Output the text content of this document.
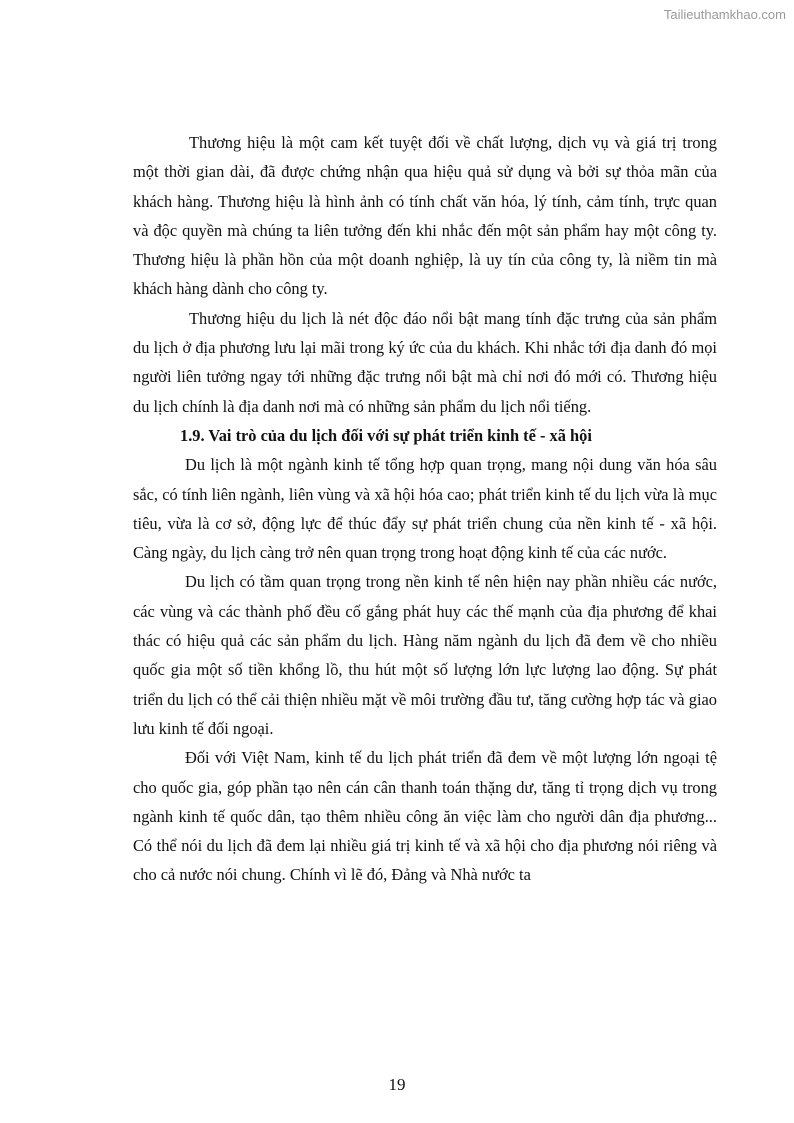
Tailieuthamkhao.com

Thương hiệu là một cam kết tuyệt đối về chất lượng, dịch vụ và giá trị trong một thời gian dài, đã được chứng nhận qua hiệu quả sử dụng và bởi sự thỏa mãn của khách hàng. Thương hiệu là hình ảnh có tính chất văn hóa, lý tính, cảm tính, trực quan và độc quyền mà chúng ta liên tưởng đến khi nhắc đến một sản phẩm hay một công ty. Thương hiệu là phần hồn của một doanh nghiệp, là uy tín của công ty, là niềm tin mà khách hàng dành cho công ty.

Thương hiệu du lịch là nét độc đáo nổi bật mang tính đặc trưng của sản phẩm du lịch ở địa phương lưu lại mãi trong ký ức của du khách. Khi nhắc tới địa danh đó mọi người liên tưởng ngay tới những đặc trưng nổi bật mà chỉ nơi đó mới có. Thương hiệu du lịch chính là địa danh nơi mà có những sản phẩm du lịch nổi tiếng.

1.9. Vai trò của du lịch đối với sự phát triển kinh tế - xã hội

Du lịch là một ngành kinh tế tổng hợp quan trọng, mang nội dung văn hóa sâu sắc, có tính liên ngành, liên vùng và xã hội hóa cao; phát triển kinh tế du lịch vừa là mục tiêu, vừa là cơ sở, động lực để thúc đẩy sự phát triển chung của nền kinh tế - xã hội. Càng ngày, du lịch càng trở nên quan trọng trong hoạt động kinh tế của các nước.

Du lịch có tầm quan trọng trong nền kinh tế nên hiện nay phần nhiều các nước, các vùng và các thành phố đều cố gắng phát huy các thế mạnh của địa phương để khai thác có hiệu quả các sản phẩm du lịch. Hàng năm ngành du lịch đã đem về cho nhiều quốc gia một số tiền khổng lồ, thu hút một số lượng lớn lực lượng lao động. Sự phát triển du lịch có thể cải thiện nhiều mặt về môi trường đầu tư, tăng cường hợp tác và giao lưu kinh tế đối ngoại.

Đối với Việt Nam, kinh tế du lịch phát triển đã đem về một lượng lớn ngoại tệ cho quốc gia, góp phần tạo nên cán cân thanh toán thặng dư, tăng tỉ trọng dịch vụ trong ngành kinh tế quốc dân, tạo thêm nhiều công ăn việc làm cho người dân địa phương... Có thể nói du lịch đã đem lại nhiều giá trị kinh tế và xã hội cho địa phương nói riêng và cho cả nước nói chung. Chính vì lẽ đó, Đảng và Nhà nước ta

19
